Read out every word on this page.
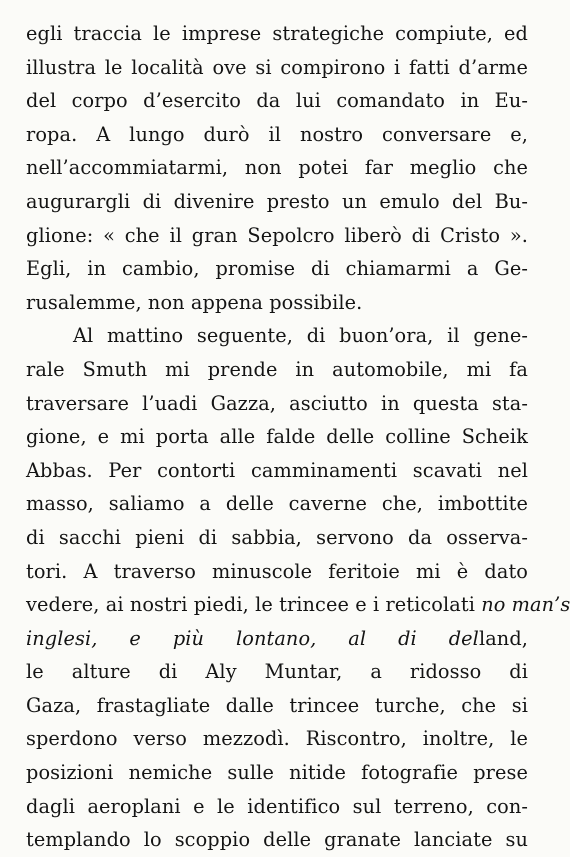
egli traccia le imprese strategiche compiute, ed
illustra le località ove si compirono i fatti d’arme
del corpo d’esercito da lui comandato in Eu-
ropa. A lungo durò il nostro conversare e,
nell’accommiatarmi, non potei far meglio che
augurargli di divenire presto un emulo del Bu-
glione: « che il gran Sepolcro liberò di Cristo ».
Egli, in cambio, promise di chiamarmi a Ge-
rusalemme, non appena possibile.
Al mattino seguente, di buon’ora, il gene-
rale Smuth mi prende in automobile, mi fa
traversare l’uadi Gazza, asciutto in questa sta-
gione, e mi porta alle falde delle colline Scheik
Abbas. Per contorti camminamenti scavati nel
masso, saliamo a delle caverne che, imbottite
di sacchi pieni di sabbia, servono da osserva-
tori. A traverso minuscole feritoie mi è dato
vedere, ai nostri piedi, le trincee e i reticolati no man’s
inglesi, e più lontano, al di delland,
le alture di Aly Muntar, a ridosso di
Gaza, frastagliate dalle trincee turche, che si
sperdono verso mezzodì. Riscontro, inoltre, le
posizioni nemiche sulle nitide fotografie prese
dagli aeroplani e le identifico sul terreno, con-
templando lo scoppio delle granate lanciate su
